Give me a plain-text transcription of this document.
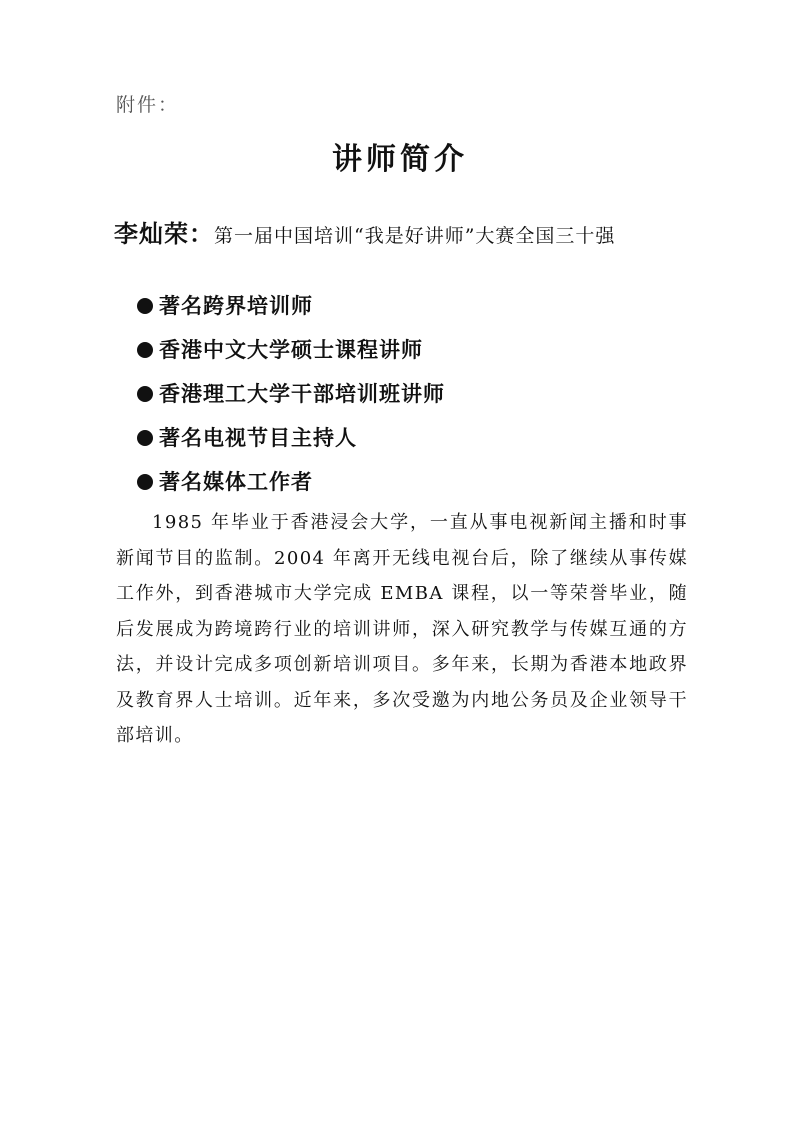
附件：
讲师简介
李灿荣：第一届中国培训“我是好讲师”大赛全国三十强
著名跨界培训师
香港中文大学硕士课程讲师
香港理工大学干部培训班讲师
著名电视节目主持人
著名媒体工作者

1985 年毕业于香港浸会大学，一直从事电视新闻主播和时事新闻节目的监制。2004 年离开无线电视台后，除了继续从事传媒工作外，到香港城市大学完成 EMBA 课程，以一等荣誉毕业，随后发展成为跨境跨行业的培训讲师，深入研究教学与传媒互通的方法，并设计完成多项创新培训项目。多年来，长期为香港本地政界及教育界人士培训。近年来，多次受邀为内地公务员及企业领导干部培训。
